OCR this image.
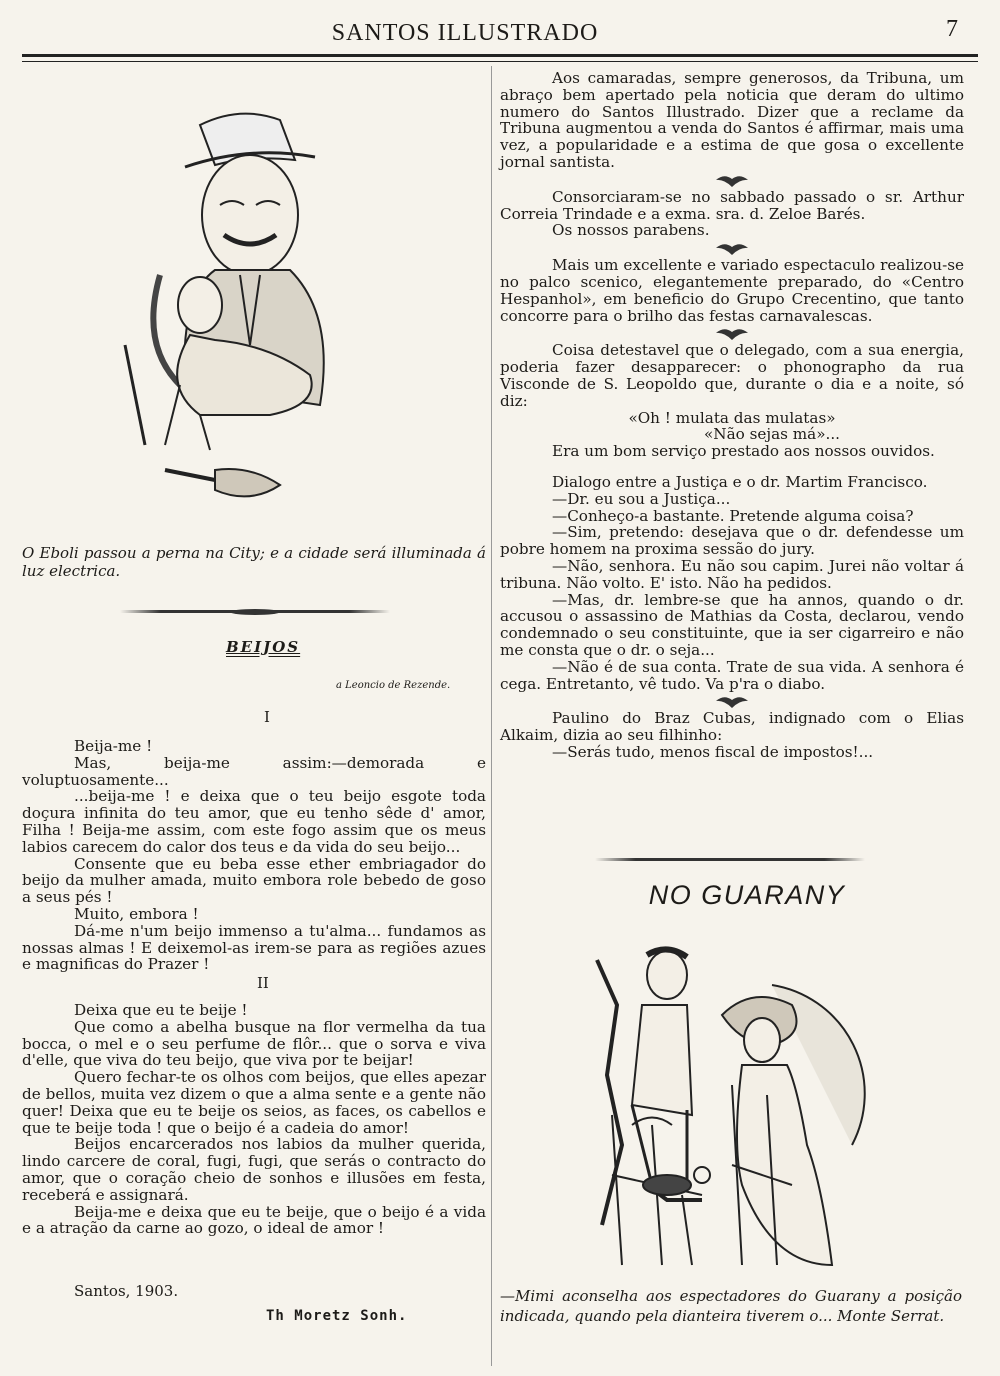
SANTOS ILLUSTRADO	7
O Eboli passou a perna na City; e a cidade será illuminada á luz electrica.
BEIJOS
a Leoncio de Rezende.
I

Beija-me !

Mas, beija-me assim:—demorada e voluptuosamente...

...beija-me ! e deixa que o teu beijo esgote toda doçura infinita do teu amor, que eu tenho sêde d' amor, Filha ! Beija-me assim, com este fogo assim que os meus labios carecem do calor dos teus e da vida do seu beijo...

Consente que eu beba esse ether embriagador do beijo da mulher amada, muito embora role bebedo de goso a seus pés !

Muito, embora !

Dá-me n'um beijo immenso a tu'alma... fundamos as nossas almas ! E deixemol-as irem-se para as regiões azues e magnificas do Prazer !

II

Deixa que eu te beije !

Que como a abelha busque na flor vermelha da tua bocca, o mel e o seu perfume de flôr... que o sorva e viva d'elle, que viva do teu beijo, que viva por te beijar!

Quero fechar-te os olhos com beijos, que elles apezar de bellos, muita vez dizem o que a alma sente e a gente não quer! Deixa que eu te beije os seios, as faces, os cabellos e que te beije toda ! que o beijo é a cadeia do amor!

Beijos encarcerados nos labios da mulher querida, lindo carcere de coral, fugi, fugi, que serás o contracto do amor, que o coração cheio de sonhos e illusões em festa, receberá e assignará.

Beija-me e deixa que eu te beije, que o beijo é a vida e a atração da carne ao gozo, o ideal de amor !

Santos, 1903.
Th Moretz Sonh.

Aos camaradas, sempre generosos, da Tribuna, um abraço bem apertado pela noticia que deram do ultimo numero do Santos Illustrado. Dizer que a reclame da Tribuna augmentou a venda do Santos é affirmar, mais uma vez, a popularidade e a estima de que gosa o excellente jornal santista.

Consorciaram-se no sabbado passado o sr. Arthur Correia Trindade e a exma. sra. d. Zeloe Barés.

Os nossos parabens.

Mais um excellente e variado espectaculo realizou-se no palco scenico, elegantemente preparado, do «Centro Hespanhol», em beneficio do Grupo Crecentino, que tanto concorre para o brilho das festas carnavalescas.

Coisa detestavel que o delegado, com a sua energia, poderia fazer desapparecer: o phonographo da rua Visconde de S. Leopoldo que, durante o dia e a noite, só diz:

«Oh ! mulata das mulatas»

«Não sejas má»...

Era um bom serviço prestado aos nossos ouvidos.

Dialogo entre a Justiça e o dr. Martim Francisco.

—Dr. eu sou a Justiça...

—Conheço-a bastante. Pretende alguma coisa?

—Sim, pretendo: desejava que o dr. defendesse um pobre homem na proxima sessão do jury.

—Não, senhora. Eu não sou capim. Jurei não voltar á tribuna. Não volto. E' isto. Não ha pedidos.

—Mas, dr. lembre-se que ha annos, quando o dr. accusou o assassino de Mathias da Costa, declarou, vendo condemnado o seu constituinte, que ia ser cigarreiro e não me consta que o dr. o seja...

—Não é de sua conta. Trate de sua vida. A senhora é cega. Entretanto, vê tudo. Va p'ra o diabo.

Paulino do Braz Cubas, indignado com o Elias Alkaim, dizia ao seu filhinho:

—Serás tudo, menos fiscal de impostos!...

NO GUARANY
—Mimi aconselha aos espectadores do Guarany a posição indicada, quando pela dianteira tiverem o... Monte Serrat.
